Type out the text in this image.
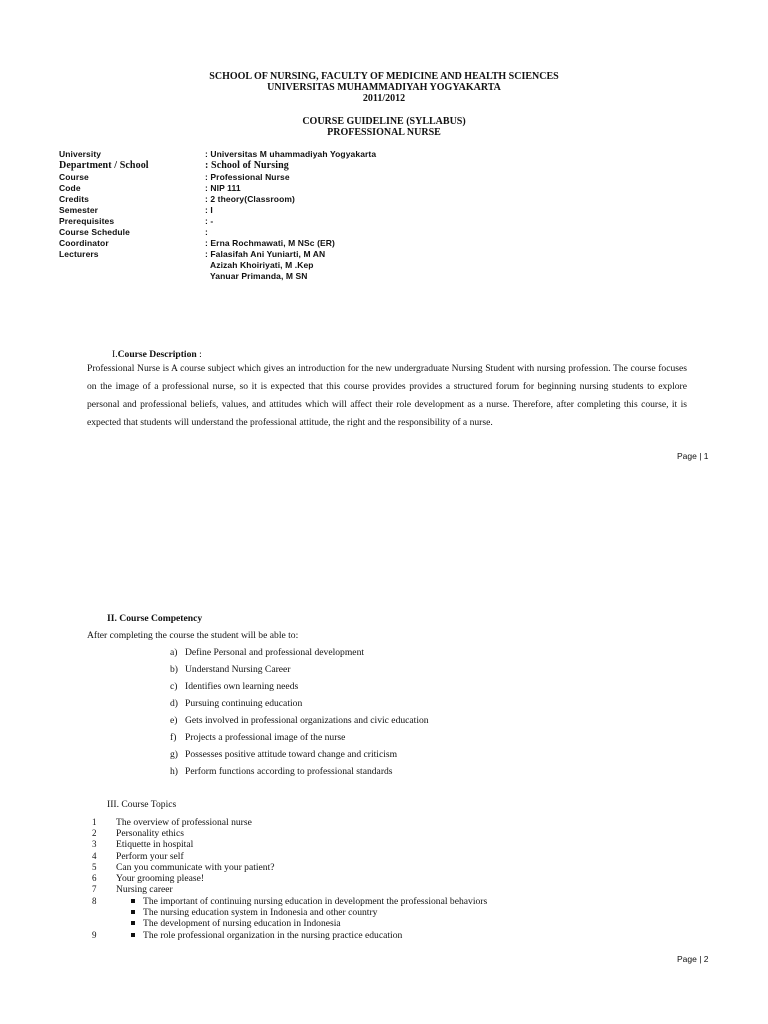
SCHOOL OF NURSING, FACULTY OF MEDICINE AND HEALTH SCIENCES
UNIVERSITAS MUHAMMADIYAH YOGYAKARTA
2011/2012
COURSE GUIDELINE (SYLLABUS)
PROFESSIONAL NURSE
University	: Universitas M uhammadiyah Yogyakarta
Department / School	: School of Nursing
Course	: Professional Nurse
Code	: NIP 111
Credits	: 2 theory(Classroom)
Semester	: I
Prerequisites	: -
Course Schedule	:
Coordinator	: Erna Rochmawati, M NSc (ER)
Lecturers	: Falasifah Ani Yuniarti, M AN
Azizah Khoiriyati, M .Kep
Yanuar Primanda, M SN
I.Course Description :
Professional Nurse is A course subject which gives an introduction for the new undergraduate Nursing Student with nursing profession. The course focuses on the image of a professional nurse, so it is expected that this course provides provides a structured forum for beginning nursing students to explore personal and professional beliefs, values, and attitudes which will affect their role development as a nurse. Therefore, after completing this course, it is expected that students will understand the professional attitude, the right and the responsibility of a nurse.
Page | 1
II. Course Competency
After completing the course the student will be able to:
a) Define Personal and professional development
b) Understand Nursing Career
c) Identifies own learning needs
d) Pursuing continuing education
e) Gets involved in professional organizations and civic education
f) Projects a professional image of the nurse
g) Possesses positive attitude toward change and criticism
h) Perform functions according to professional standards
III. Course Topics
1 The overview of professional nurse
2 Personality ethics
3 Etiquette in hospital
4 Perform your self
5 Can you communicate with your patient?
6 Your grooming please!
7 Nursing career
8	The important of continuing nursing education in development the professional behaviors
The nursing education system in Indonesia and other country
The development of nursing education in Indonesia
9	The role professional organization in the nursing practice education
Page | 2
